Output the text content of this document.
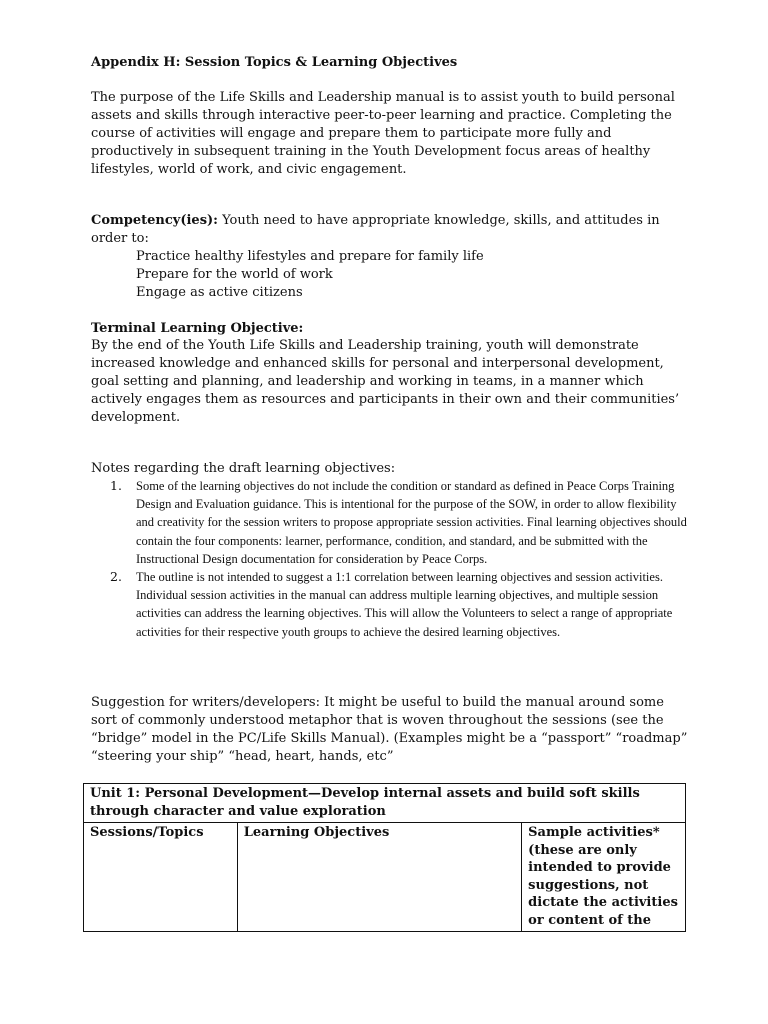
Appendix H: Session Topics & Learning Objectives

The purpose of the Life Skills and Leadership manual is to assist youth to build personal assets and skills through interactive peer-to-peer learning and practice. Completing the course of activities will engage and prepare them to participate more fully and productively in subsequent training in the Youth Development focus areas of healthy lifestyles, world of work, and civic engagement.

Competency(ies): Youth need to have appropriate knowledge, skills, and attitudes in order to:

Practice healthy lifestyles and prepare for family life
Prepare for the world of work
Engage as active citizens

Terminal Learning Objective:

By the end of the Youth Life Skills and Leadership training, youth will demonstrate increased knowledge and enhanced skills for personal and interpersonal development, goal setting and planning, and leadership and working in teams, in a manner which actively engages them as resources and participants in their own and their communities’ development.

Notes regarding the draft learning objectives:

1. Some of the learning objectives do not include the condition or standard as defined in Peace Corps Training Design and Evaluation guidance. This is intentional for the purpose of the SOW, in order to allow flexibility and creativity for the session writers to propose appropriate session activities. Final learning objectives should contain the four components: learner, performance, condition, and standard, and be submitted with the Instructional Design documentation for consideration by Peace Corps.
2. The outline is not intended to suggest a 1:1 correlation between learning objectives and session activities. Individual session activities in the manual can address multiple learning objectives, and multiple session activities can address the learning objectives. This will allow the Volunteers to select a range of appropriate activities for their respective youth groups to achieve the desired learning objectives.

Suggestion for writers/developers: It might be useful to build the manual around some sort of commonly understood metaphor that is woven throughout the sessions (see the “bridge” model in the PC/Life Skills Manual). (Examples might be a “passport” “roadmap” “steering your ship” “head, heart, hands, etc”

Unit 1: Personal Development—Develop internal assets and build soft skills through character and value exploration
Sessions/Topics	Learning Objectives	Sample activities* (these are only intended to provide suggestions, not dictate the activities or content of the
